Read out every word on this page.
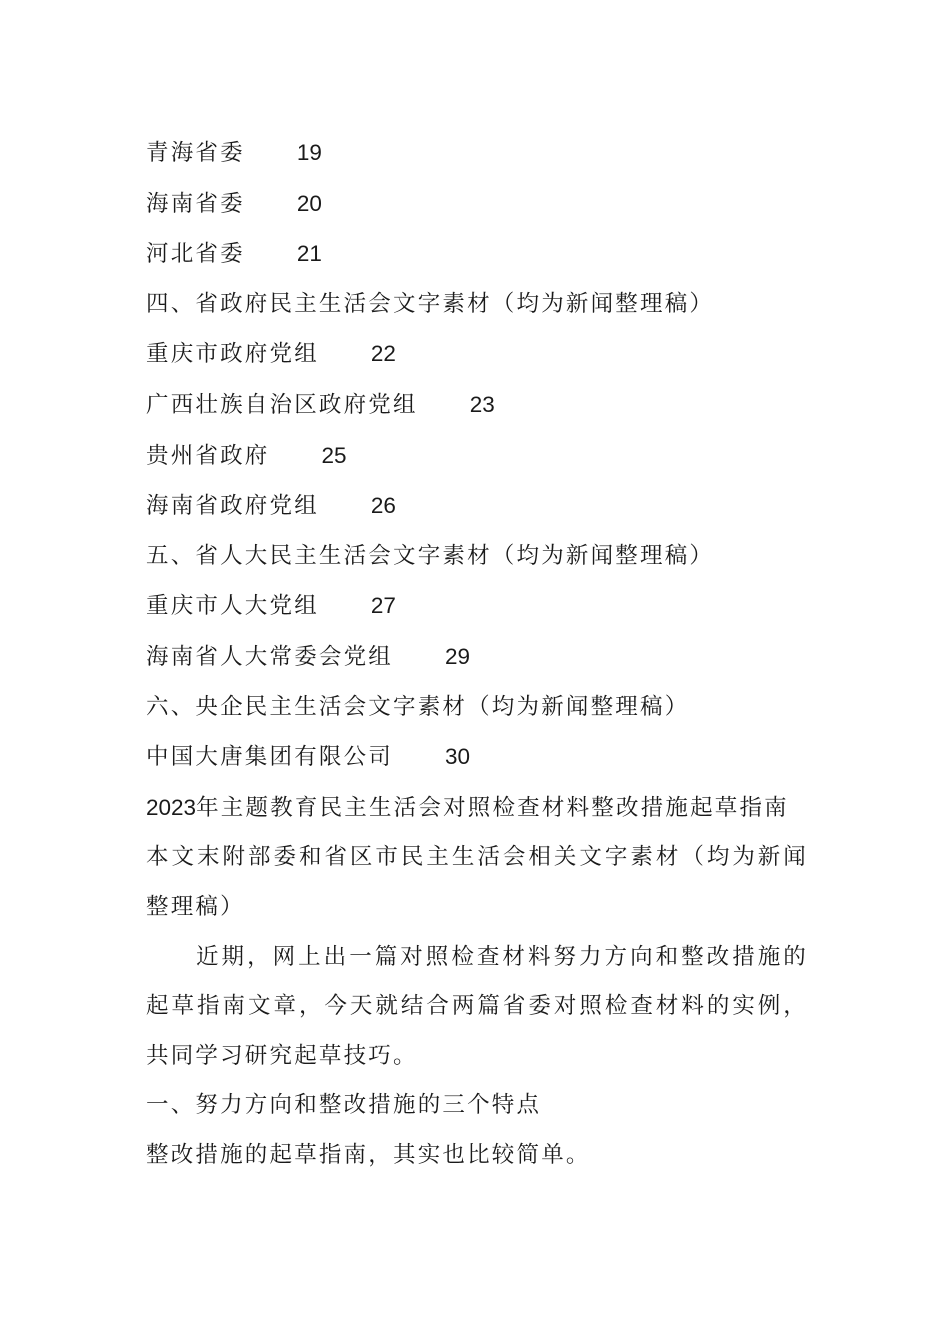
青海省委 19
海南省委 20
河北省委 21
四、省政府民主生活会文字素材（均为新闻整理稿）
重庆市政府党组 22
广西壮族自治区政府党组 23
贵州省政府 25
海南省政府党组 26
五、省人大民主生活会文字素材（均为新闻整理稿）
重庆市人大党组 27
海南省人大常委会党组 29
六、央企民主生活会文字素材（均为新闻整理稿）
中国大唐集团有限公司 30
2023年主题教育民主生活会对照检查材料整改措施起草指南
本文末附部委和省区市民主生活会相关文字素材（均为新闻整理稿）
近期，网上出一篇对照检查材料努力方向和整改措施的起草指南文章，今天就结合两篇省委对照检查材料的实例，共同学习研究起草技巧。
一、努力方向和整改措施的三个特点
整改措施的起草指南，其实也比较简单。
